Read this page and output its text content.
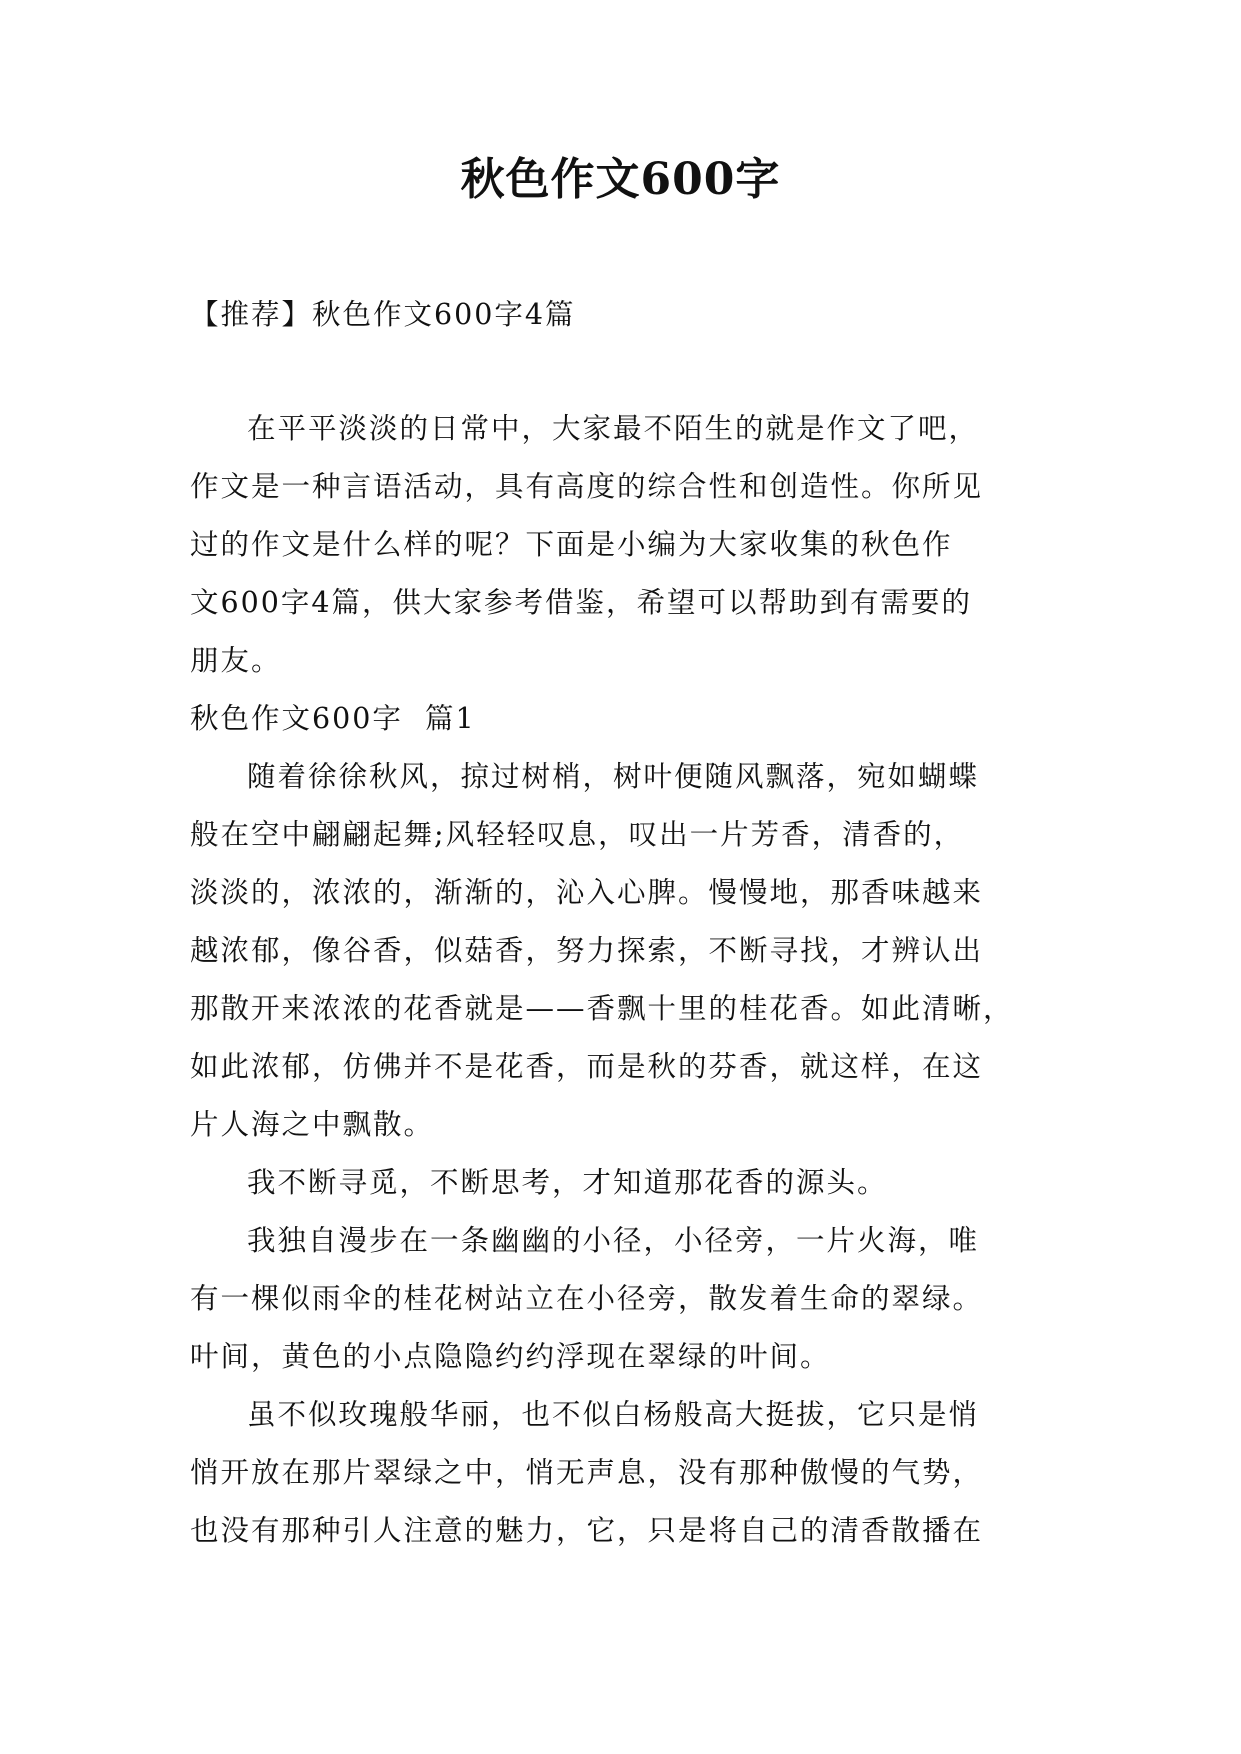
秋色作文600字

【推荐】秋色作文600字4篇

在平平淡淡的日常中，大家最不陌生的就是作文了吧，
作文是一种言语活动，具有高度的综合性和创造性。你所见
过的作文是什么样的呢？下面是小编为大家收集的秋色作
文600字4篇，供大家参考借鉴，希望可以帮助到有需要的
朋友。

秋色作文600字  篇1

随着徐徐秋风，掠过树梢，树叶便随风飘落，宛如蝴蝶
般在空中翩翩起舞;风轻轻叹息，叹出一片芳香，清香的，
淡淡的，浓浓的，渐渐的，沁入心脾。慢慢地，那香味越来
越浓郁，像谷香，似菇香，努力探索，不断寻找，才辨认出
那散开来浓浓的花香就是——香飘十里的桂花香。如此清晰，
如此浓郁，仿佛并不是花香，而是秋的芬香，就这样，在这
片人海之中飘散。

我不断寻觅，不断思考，才知道那花香的源头。

我独自漫步在一条幽幽的小径，小径旁，一片火海，唯
有一棵似雨伞的桂花树站立在小径旁，散发着生命的翠绿。
叶间，黄色的小点隐隐约约浮现在翠绿的叶间。

虽不似玫瑰般华丽，也不似白杨般高大挺拔，它只是悄
悄开放在那片翠绿之中，悄无声息，没有那种傲慢的气势，
也没有那种引人注意的魅力，它，只是将自己的清香散播在
